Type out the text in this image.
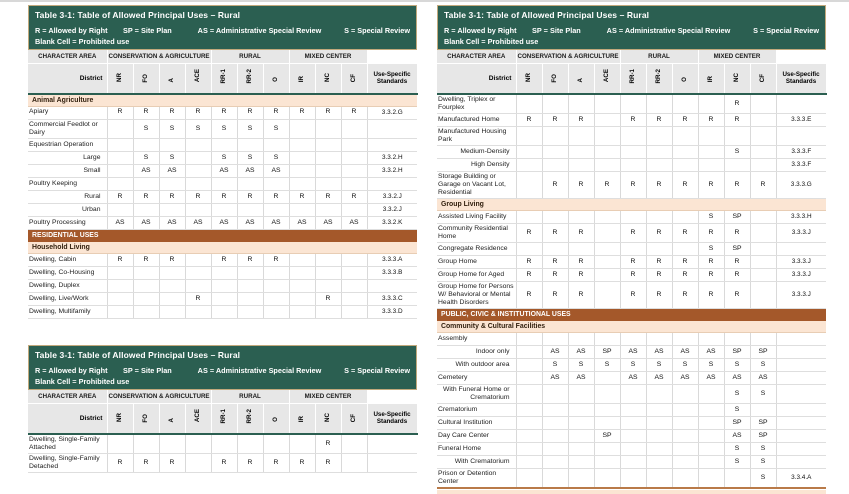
Table 3-1: Table of Allowed Principal Uses – Rural
R = Allowed by Right	SP = Site Plan	AS = Administrative Special Review	S = Special Review
Blank Cell = Prohibited use
CHARACTER AREA	CONSERVATION & AGRICULTURE				RURAL			MIXED CENTER			
District	NR	FO	A	ACE	RR-1	RR-2	O	IR	NC	CF	Use-Specific Standards
Animal Agriculture											
Apiary	R	R	R	R	R	R	R	R	R	R	3.3.2.G
Commercial Feedlot or Dairy		S	S	S	S	S	S				
Equestrian Operation											
Large		S	S		S	S	S				3.3.2.H
Small		AS	AS		AS	AS	AS				3.3.2.H
Poultry Keeping											
Rural	R	R	R	R	R	R	R	R	R	R	3.3.2.J
Urban											3.3.2.J
Poultry Processing	AS	AS	AS	AS	AS	AS	AS	AS	AS	AS	3.3.2.K
RESIDENTIAL USES											
Household Living											
Dwelling, Cabin	R	R	R		R	R	R				3.3.3.A
Dwelling, Co-Housing											3.3.3.B
Dwelling, Duplex											
Dwelling, Live/Work				R					R		3.3.3.C
Dwelling, Multifamily											3.3.3.D
Table 3-1: Table of Allowed Principal Uses – Rural
R = Allowed by Right	SP = Site Plan	AS = Administrative Special Review	S = Special Review
Blank Cell = Prohibited use
CHARACTER AREA	CONSERVATION & AGRICULTURE				RURAL			MIXED CENTER			
District	NR	FO	A	ACE	RR-1	RR-2	O	IR	NC	CF	Use-Specific Standards
Dwelling, Triplex or Fourplex									R		
Manufactured Home	R	R	R		R	R	R	R	R		3.3.3.E
Manufactured Housing Park											
Medium-Density									S		3.3.3.F
High Density											3.3.3.F
Storage Building or Garage on Vacant Lot, Residential		R	R	R	R	R	R	R	R	R	3.3.3.G
Group Living											
Assisted Living Facility								S	SP		3.3.3.H
Community Residential Home	R	R	R		R	R	R	R	R		3.3.3.J
Congregate Residence								S	SP		
Group Home	R	R	R		R	R	R	R	R		3.3.3.J
Group Home for Aged	R	R	R		R	R	R	R	R		3.3.3.J
Group Home for Persons W/ Behavioral or Mental Health Disorders	R	R	R		R	R	R	R	R		3.3.3.J
PUBLIC, CIVIC & INSTITUTIONAL USES											
Community & Cultural Facilities											
Assembly											
Indoor only		AS	AS	SP	AS	AS	AS	AS	SP	SP	
With outdoor area		S	S	S	S	S	S	S	S	S	
Cemetery		AS	AS		AS	AS	AS	AS	AS	AS	
With Funeral Home or Crematorium									S	S	
Crematorium									S		
Cultural Institution									SP	SP	
Day Care Center				SP					AS	SP	
Funeral Home									S	S	
With Crematorium									S	S	
Prison or Detention Center										S	3.3.4.A
Table 3-1: Table of Allowed Principal Uses – Rural
R = Allowed by Right	SP = Site Plan	AS = Administrative Special Review	S = Special Review
Blank Cell = Prohibited use
CHARACTER AREA	CONSERVATION & AGRICULTURE				RURAL			MIXED CENTER			
District	NR	FO	A	ACE	RR-1	RR-2	O	IR	NC	CF	Use-Specific Standards
Dwelling, Single-Family Attached									R		
Dwelling, Single-Family Detached	R	R	R		R	R	R	R	R		
